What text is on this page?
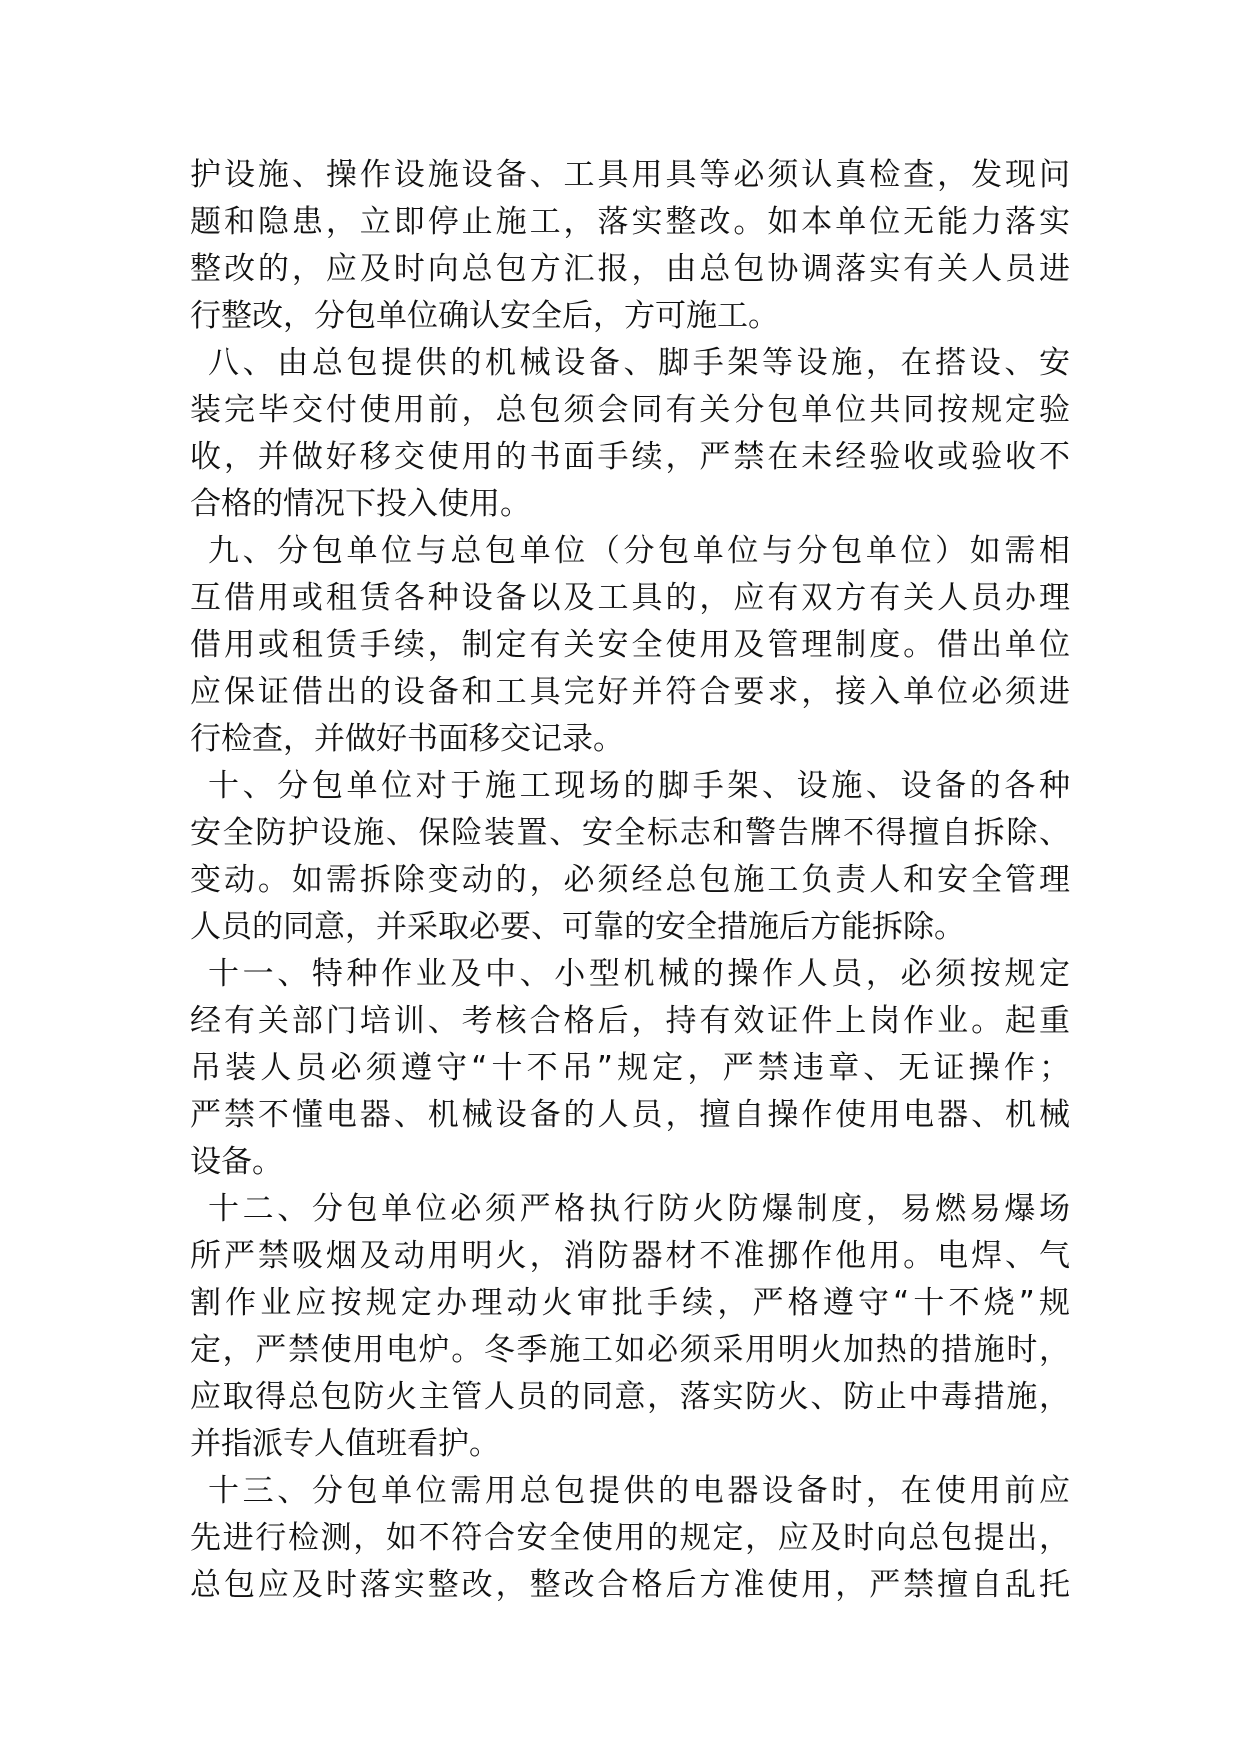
护设施、操作设施设备、工具用具等必须认真检查，发现问
题和隐患，立即停止施工，落实整改。如本单位无能力落实
整改的，应及时向总包方汇报，由总包协调落实有关人员进
行整改，分包单位确认安全后，方可施工。
八、由总包提供的机械设备、脚手架等设施，在搭设、安
装完毕交付使用前，总包须会同有关分包单位共同按规定验
收，并做好移交使用的书面手续，严禁在未经验收或验收不
合格的情况下投入使用。
九、分包单位与总包单位（分包单位与分包单位）如需相
互借用或租赁各种设备以及工具的，应有双方有关人员办理
借用或租赁手续，制定有关安全使用及管理制度。借出单位
应保证借出的设备和工具完好并符合要求，接入单位必须进
行检查，并做好书面移交记录。
十、分包单位对于施工现场的脚手架、设施、设备的各种
安全防护设施、保险装置、安全标志和警告牌不得擅自拆除、
变动。如需拆除变动的，必须经总包施工负责人和安全管理
人员的同意，并采取必要、可靠的安全措施后方能拆除。
十一、特种作业及中、小型机械的操作人员，必须按规定
经有关部门培训、考核合格后，持有效证件上岗作业。起重
吊装人员必须遵守“十不吊”规定，严禁违章、无证操作；
严禁不懂电器、机械设备的人员，擅自操作使用电器、机械
设备。
十二、分包单位必须严格执行防火防爆制度，易燃易爆场
所严禁吸烟及动用明火，消防器材不准挪作他用。电焊、气
割作业应按规定办理动火审批手续，严格遵守“十不烧”规
定，严禁使用电炉。冬季施工如必须采用明火加热的措施时，
应取得总包防火主管人员的同意，落实防火、防止中毒措施，
并指派专人值班看护。
十三、分包单位需用总包提供的电器设备时，在使用前应
先进行检测，如不符合安全使用的规定，应及时向总包提出，
总包应及时落实整改，整改合格后方准使用，严禁擅自乱托
